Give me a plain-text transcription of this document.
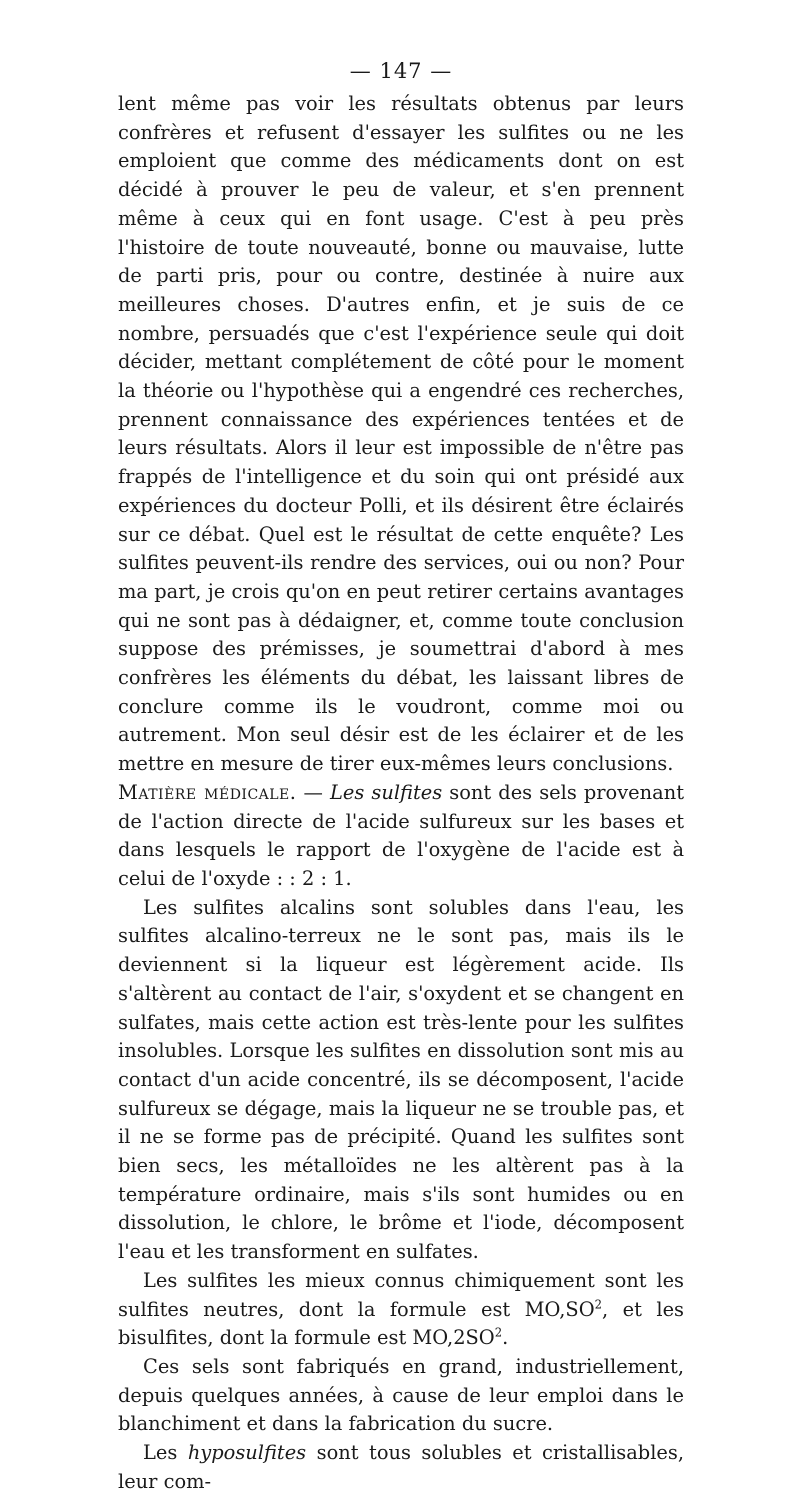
— 147 —

lent même pas voir les résultats obtenus par leurs confrères et refusent d'essayer les sulfites ou ne les emploient que comme des médicaments dont on est décidé à prouver le peu de valeur, et s'en prennent même à ceux qui en font usage. C'est à peu près l'histoire de toute nouveauté, bonne ou mauvaise, lutte de parti pris, pour ou contre, destinée à nuire aux meilleures choses. D'autres enfin, et je suis de ce nombre, persuadés que c'est l'expérience seule qui doit décider, mettant complétement de côté pour le moment la théorie ou l'hypothèse qui a engendré ces recherches, prennent connaissance des expériences tentées et de leurs résultats. Alors il leur est impossible de n'être pas frappés de l'intelligence et du soin qui ont présidé aux expériences du docteur Polli, et ils désirent être éclairés sur ce débat. Quel est le résultat de cette enquête? Les sulfites peuvent-ils rendre des services, oui ou non? Pour ma part, je crois qu'on en peut retirer certains avantages qui ne sont pas à dédaigner, et, comme toute conclusion suppose des prémisses, je soumettrai d'abord à mes confrères les éléments du débat, les laissant libres de conclure comme ils le voudront, comme moi ou autrement. Mon seul désir est de les éclairer et de les mettre en mesure de tirer eux-mêmes leurs conclusions.

Matière médicale. — Les sulfites sont des sels provenant de l'action directe de l'acide sulfureux sur les bases et dans lesquels le rapport de l'oxygène de l'acide est à celui de l'oxyde : : 2 : 1.

Les sulfites alcalins sont solubles dans l'eau, les sulfites alcalino-terreux ne le sont pas, mais ils le deviennent si la liqueur est légèrement acide. Ils s'altèrent au contact de l'air, s'oxydent et se changent en sulfates, mais cette action est très-lente pour les sulfites insolubles. Lorsque les sulfites en dissolution sont mis au contact d'un acide concentré, ils se décomposent, l'acide sulfureux se dégage, mais la liqueur ne se trouble pas, et il ne se forme pas de précipité. Quand les sulfites sont bien secs, les métalloïdes ne les altèrent pas à la température ordinaire, mais s'ils sont humides ou en dissolution, le chlore, le brôme et l'iode, décomposent l'eau et les transforment en sulfates.

Les sulfites les mieux connus chimiquement sont les sulfites neutres, dont la formule est $MO,SO^2$, et les bisulfites, dont la formule est $MO,2SO^2$.

Ces sels sont fabriqués en grand, industriellement, depuis quelques années, à cause de leur emploi dans le blanchiment et dans la fabrication du sucre.

Les hyposulfites sont tous solubles et cristallisables, leur com-
